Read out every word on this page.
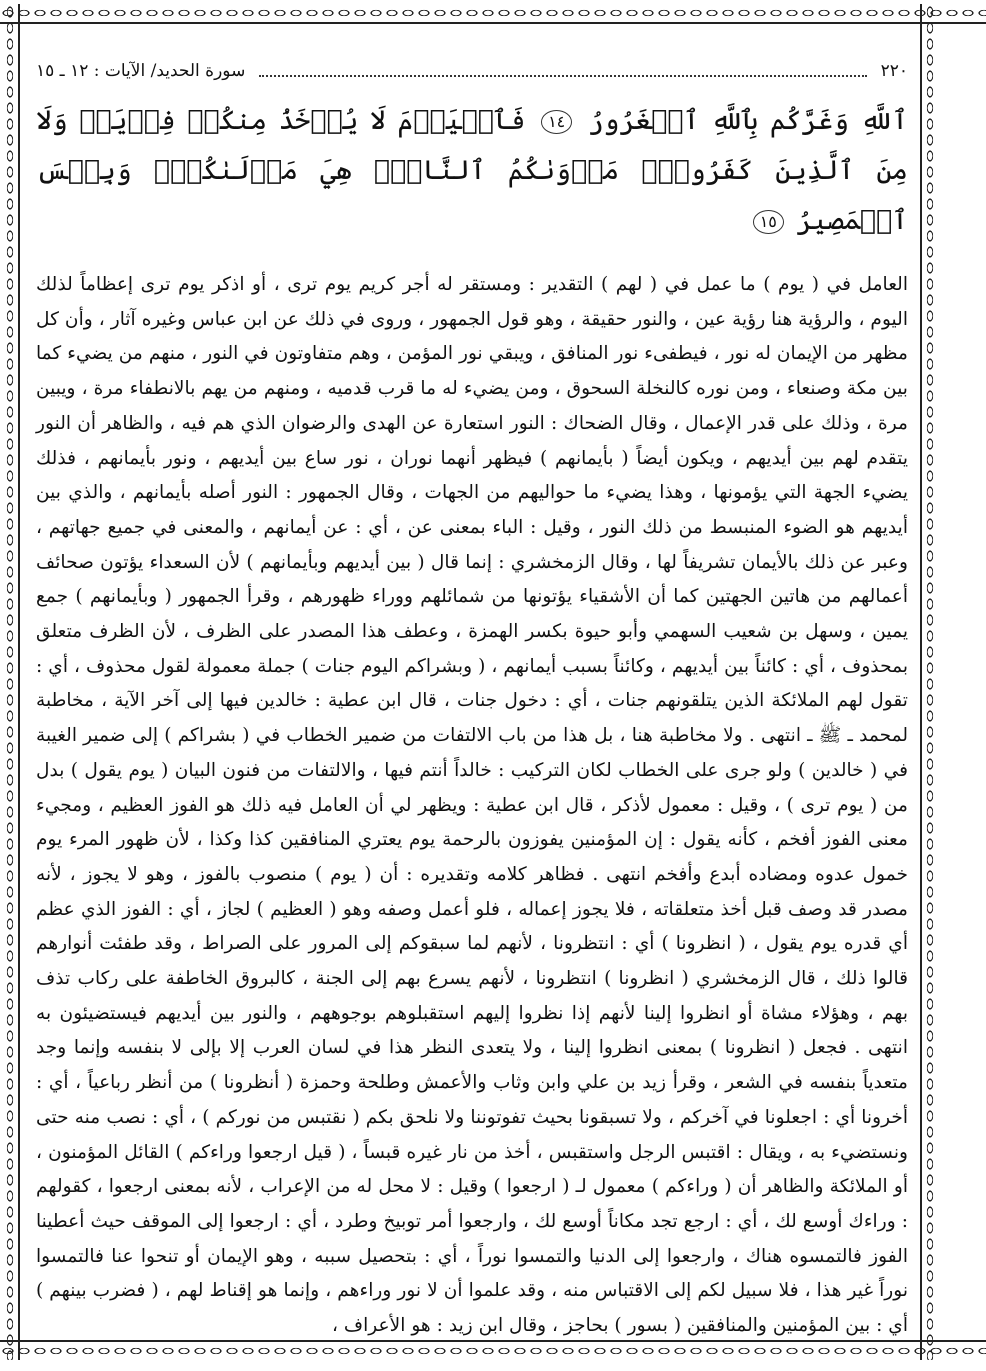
٢٢٠
سورة الحديد/ الآيات : ١٢ ـ ١٥
ٱللَّهِ وَغَرَّكُم بِٱللَّهِ ٱلۡغَرُورُ ١٤ فَٱلۡيَوۡمَ لَا يُؤۡخَذُ مِنكُمۡ فِدۡيَةٞ وَلَا مِنَ ٱلَّذِينَ كَفَرُواْۚ مَأۡوَىٰكُمُ ٱلنَّارُۖ هِيَ مَوۡلَىٰكُمۡۖ وَبِئۡسَ ٱلۡمَصِيرُ ١٥
العامل في ( يوم ) ما عمل في ( لهم ) التقدير : ومستقر له أجر كريم يوم ترى ، أو اذكر يوم ترى إعظاماً لذلك اليوم ، والرؤية هنا رؤية عين ، والنور حقيقة ، وهو قول الجمهور ، وروى في ذلك عن ابن عباس وغيره آثار ، وأن كل مظهر من الإيمان له نور ، فيطفىء نور المنافق ، ويبقي نور المؤمن ، وهم متفاوتون في النور ، منهم من يضيء كما بين مكة وصنعاء ، ومن نوره كالنخلة السحوق ، ومن يضيء له ما قرب قدميه ، ومنهم من يهم بالانطفاء مرة ، ويبين مرة ، وذلك على قدر الإعمال ، وقال الضحاك : النور استعارة عن الهدى والرضوان الذي هم فيه ، والظاهر أن النور يتقدم لهم بين أيديهم ، ويكون أيضاً ( بأيمانهم ) فيظهر أنهما نوران ، نور ساع بين أيديهم ، ونور بأيمانهم ، فذلك يضيء الجهة التي يؤمونها ، وهذا يضيء ما حواليهم من الجهات ، وقال الجمهور : النور أصله بأيمانهم ، والذي بين أيديهم هو الضوء المنبسط من ذلك النور ، وقيل : الباء بمعنى عن ، أي : عن أيمانهم ، والمعنى في جميع جهاتهم ، وعبر عن ذلك بالأيمان تشريفاً لها ، وقال الزمخشري : إنما قال ( بين أيديهم وبأيمانهم ) لأن السعداء يؤتون صحائف أعمالهم من هاتين الجهتين كما أن الأشقياء يؤتونها من شمائلهم ووراء ظهورهم ، وقرأ الجمهور ( وبأيمانهم ) جمع يمين ، وسهل بن شعيب السهمي وأبو حيوة بكسر الهمزة ، وعطف هذا المصدر على الظرف ، لأن الظرف متعلق بمحذوف ، أي : كائناً بين أيديهم ، وكائناً بسبب أيمانهم ، ( وبشراكم اليوم جنات ) جملة معمولة لقول محذوف ، أي : تقول لهم الملائكة الذين يتلقونهم جنات ، أي : دخول جنات ، قال ابن عطية : خالدين فيها إلى آخر الآية ، مخاطبة لمحمد ـ ﷺ ـ انتهى . ولا مخاطبة هنا ، بل هذا من باب الالتفات من ضمير الخطاب في ( بشراكم ) إلى ضمير الغيبة في ( خالدين ) ولو جرى على الخطاب لكان التركيب : خالداً أنتم فيها ، والالتفات من فنون البيان ( يوم يقول ) بدل من ( يوم ترى ) ، وقيل : معمول لأذكر ، قال ابن عطية : ويظهر لي أن العامل فيه ذلك هو الفوز العظيم ، ومجيء معنى الفوز أفخم ، كأنه يقول : إن المؤمنين يفوزون بالرحمة يوم يعتري المنافقين كذا وكذا ، لأن ظهور المرء يوم خمول عدوه ومضاده أبدع وأفخم انتهى . فظاهر كلامه وتقديره : أن ( يوم ) منصوب بالفوز ، وهو لا يجوز ، لأنه مصدر قد وصف قبل أخذ متعلقاته ، فلا يجوز إعماله ، فلو أعمل وصفه وهو ( العظيم ) لجاز ، أي : الفوز الذي عظم أي قدره يوم يقول ، ( انظرونا ) أي : انتظرونا ، لأنهم لما سبقوكم إلى المرور على الصراط ، وقد طفئت أنوارهم قالوا ذلك ، قال الزمخشري ( انظرونا ) انتظرونا ، لأنهم يسرع بهم إلى الجنة ، كالبروق الخاطفة على ركاب تذف بهم ، وهؤلاء مشاة أو انظروا إلينا لأنهم إذا نظروا إليهم استقبلوهم بوجوههم ، والنور بين أيديهم فيستضيئون به انتهى . فجعل ( انظرونا ) بمعنى انظروا إلينا ، ولا يتعدى النظر هذا في لسان العرب إلا بإلى لا بنفسه وإنما وجد متعدياً بنفسه في الشعر ، وقرأ زيد بن علي وابن وثاب والأعمش وطلحة وحمزة ( أنظرونا ) من أنظر رباعياً ، أي : أخرونا أي : اجعلونا في آخركم ، ولا تسبقونا بحيث تفوتوننا ولا نلحق بكم ( نقتبس من نوركم ) ، أي : نصب منه حتى ونستضيء به ، ويقال : اقتبس الرجل واستقبس ، أخذ من نار غيره قبساً ، ( قيل ارجعوا وراءكم ) القائل المؤمنون ، أو الملائكة والظاهر أن ( وراءكم ) معمول لـ ( ارجعوا ) وقيل : لا محل له من الإعراب ، لأنه بمعنى ارجعوا ، كقولهم : وراءك أوسع لك ، أي : ارجع تجد مكاناً أوسع لك ، وارجعوا أمر توبيخ وطرد ، أي : ارجعوا إلى الموقف حيث أعطينا الفوز فالتمسوه هناك ، وارجعوا إلى الدنيا والتمسوا نوراً ، أي : بتحصيل سببه ، وهو الإيمان أو تنحوا عنا فالتمسوا نوراً غير هذا ، فلا سبيل لكم إلى الاقتباس منه ، وقد علموا أن لا نور وراءهم ، وإنما هو إقناط لهم ، ( فضرب بينهم ) أي : بين المؤمنين والمنافقين ( بسور ) بحاجز ، وقال ابن زيد : هو الأعراف ،
